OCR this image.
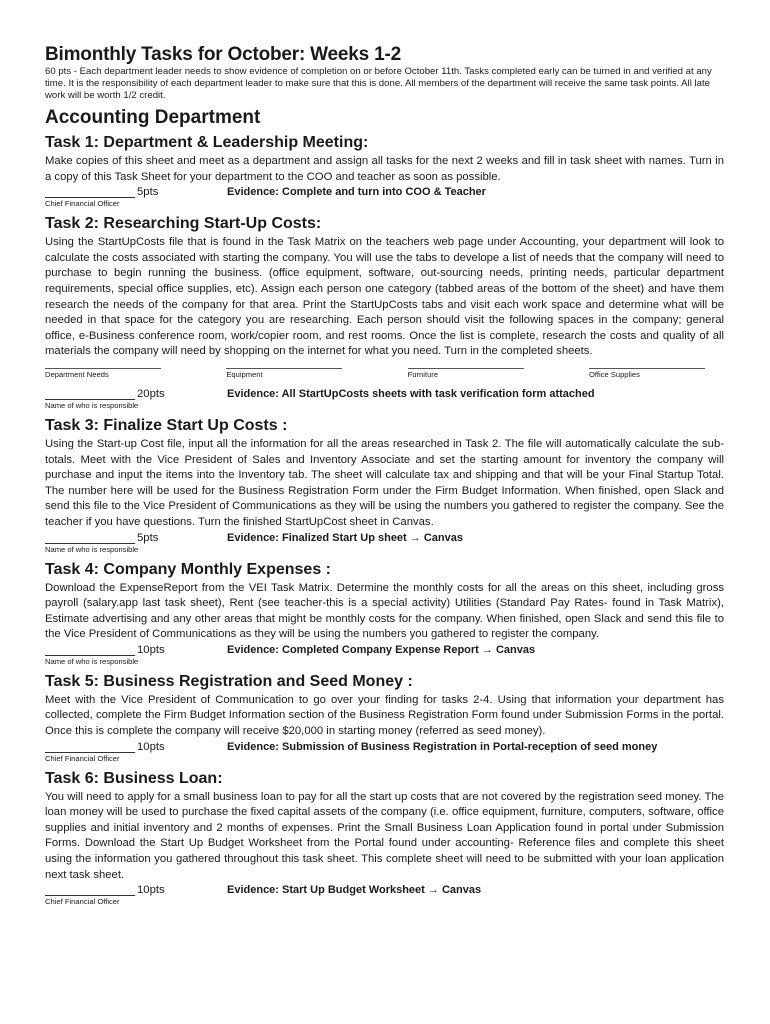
Bimonthly Tasks for October: Weeks 1-2

60 pts - Each department leader needs to show evidence of completion on or before October 11th. Tasks completed early can be turned in and verified at any time. It is the responsibility of each department leader to make sure that this is done. All members of the department will receive the same task points. All late work will be worth 1/2 credit.

Accounting Department
Task 1: Department & Leadership Meeting:

Make copies of this sheet and meet as a department and assign all tasks for the next 2 weeks and fill in task sheet with names. Turn in a copy of this Task Sheet for your department to the COO and teacher as soon as possible.

5pts	Evidence: Complete and turn into COO & Teacher

Chief Financial Officer

Task 2: Researching Start-Up Costs:

Using the StartUpCosts file that is found in the Task Matrix on the teachers web page under Accounting, your department will look to calculate the costs associated with starting the company. You will use the tabs to develope a list of needs that the company will need to purchase to begin running the business. (office equipment, software, out-sourcing needs, printing needs, particular department requirements, special office supplies, etc). Assign each person one category (tabbed areas of the bottom of the sheet) and have them research the needs of the company for that area. Print the StartUpCosts tabs and visit each work space and determine what will be needed in that space for the category you are researching. Each person should visit the following spaces in the company; general office, e-Business conference room, work/copier room, and rest rooms. Once the list is complete, research the costs and quality of all materials the company will need by shopping on the internet for what you need. Turn in the completed sheets.

Department Needs	Equipment	Furniture	Office Supplies
20pts	Evidence: All StartUpCosts sheets with task verification form attached

Name of who is responsible

Task 3: Finalize Start Up Costs :

Using the Start-up Cost file, input all the information for all the areas researched in Task 2. The file will automatically calculate the sub-totals. Meet with the Vice President of Sales and Inventory Associate and set the starting amount for inventory the company will purchase and input the items into the Inventory tab. The sheet will calculate tax and shipping and that will be your Final Startup Total. The number here will be used for the Business Registration Form under the Firm Budget Information. When finished, open Slack and send this file to the Vice President of Communications as they will be using the numbers you gathered to register the company. See the teacher if you have questions. Turn the finished StartUpCost sheet in Canvas.

5pts	Evidence: Finalized Start Up sheet → Canvas

Name of who is responsible

Task 4: Company Monthly Expenses :

Download the ExpenseReport from the VEI Task Matrix. Determine the monthly costs for all the areas on this sheet, including gross payroll (salary.app last task sheet), Rent (see teacher-this is a special activity) Utilities (Standard Pay Rates- found in Task Matrix), Estimate advertising and any other areas that might be monthly costs for the company. When finished, open Slack and send this file to the Vice President of Communications as they will be using the numbers you gathered to register the company.

10pts	Evidence: Completed Company Expense Report → Canvas

Name of who is responsible

Task 5: Business Registration and Seed Money :

Meet with the Vice President of Communication to go over your finding for tasks 2-4. Using that information your department has collected, complete the Firm Budget Information section of the Business Registration Form found under Submission Forms in the portal. Once this is complete the company will receive $20,000 in starting money (referred as seed money).

10pts	Evidence: Submission of Business Registration in Portal-reception of seed money

Chief Financial Officer

Task 6: Business Loan:

You will need to apply for a small business loan to pay for all the start up costs that are not covered by the registration seed money. The loan money will be used to purchase the fixed capital assets of the company (i.e. office equipment, furniture, computers, software, office supplies and initial inventory and 2 months of expenses. Print the Small Business Loan Application found in portal under Submission Forms. Download the Start Up Budget Worksheet from the Portal found under accounting- Reference files and complete this sheet using the information you gathered throughout this task sheet. This complete sheet will need to be submitted with your loan application next task sheet.

10pts	Evidence: Start Up Budget Worksheet → Canvas

Chief Financial Officer
